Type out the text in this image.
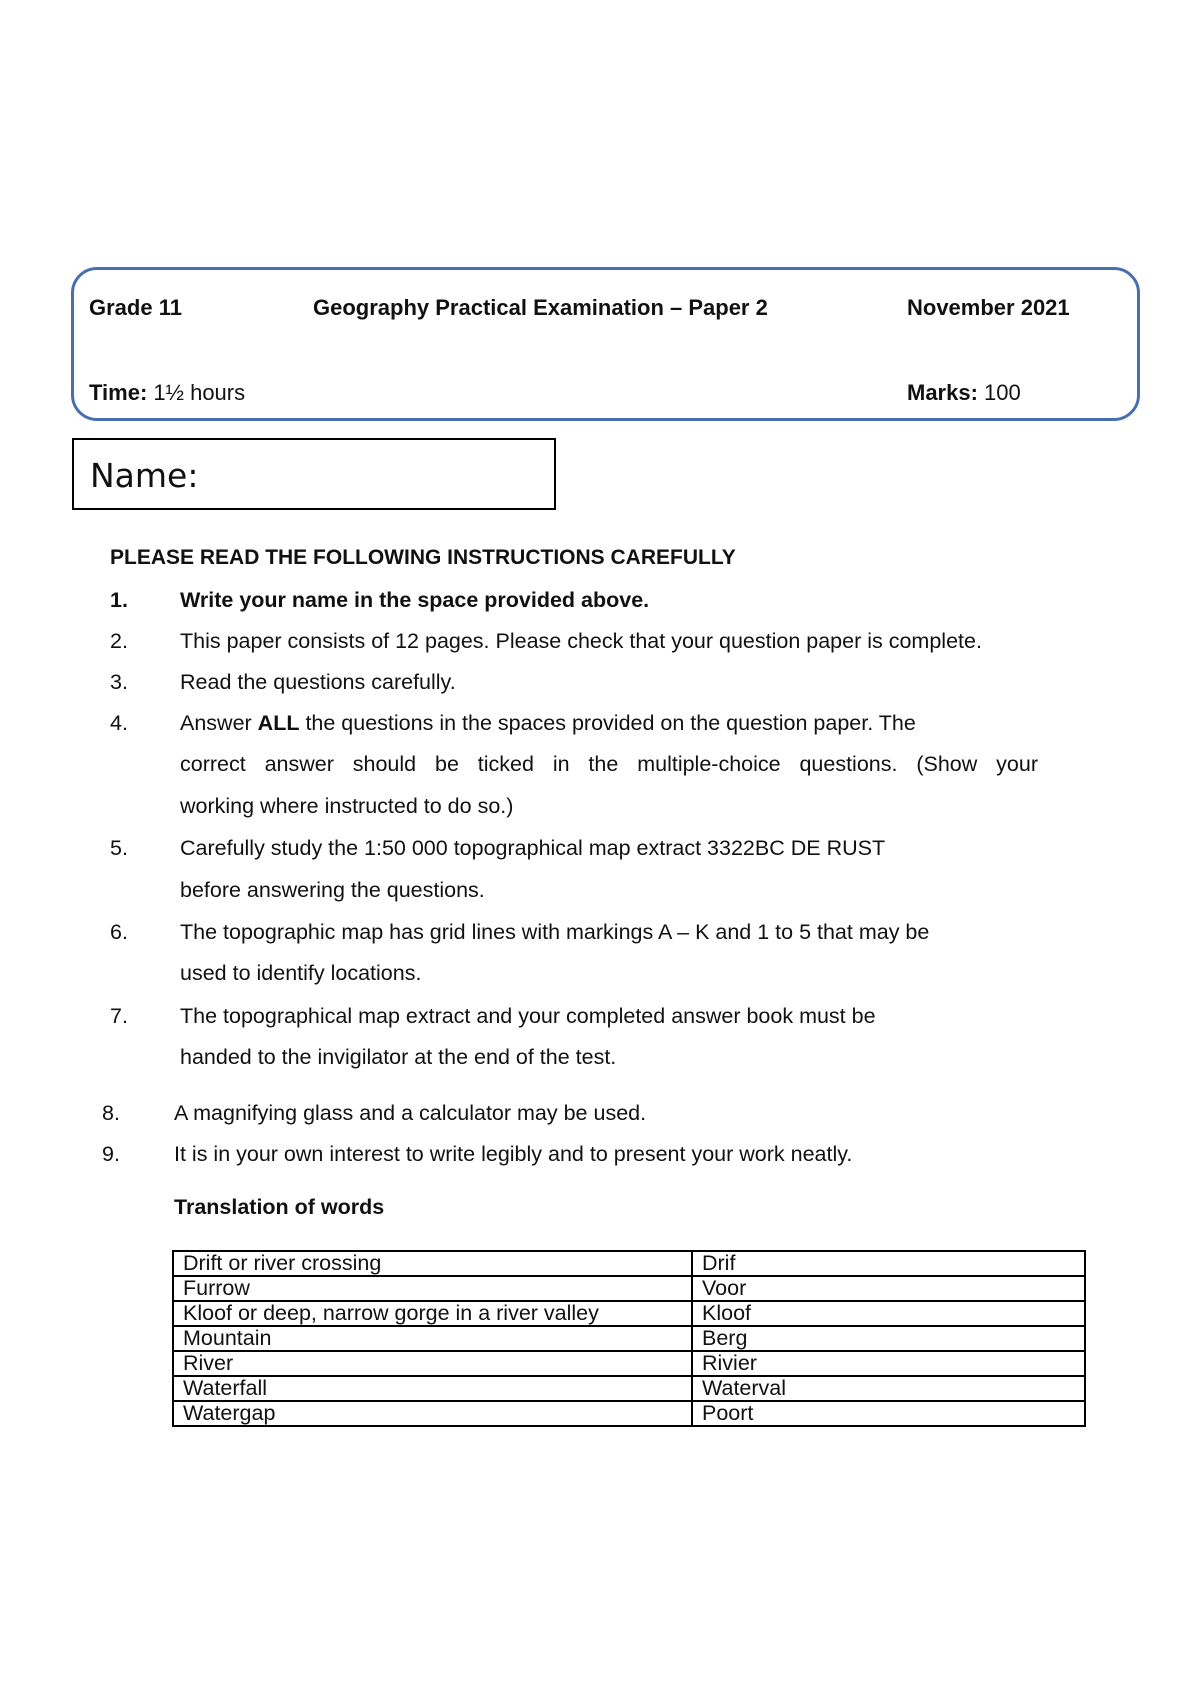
Grade 11	Geography Practical Examination – Paper 2	November 2021
Time: 1½ hours	Marks: 100
Name:
PLEASE READ THE FOLLOWING INSTRUCTIONS CAREFULLY
1. Write your name in the space provided above.
2. This paper consists of 12 pages. Please check that your question paper is complete.
3. Read the questions carefully.
4. Answer ALL the questions in the spaces provided on the question paper. The
correct answer should be ticked in the multiple-choice questions. (Show your
working where instructed to do so.)
5. Carefully study the 1:50 000 topographical map extract 3322BC DE RUST
before answering the questions.
6. The topographic map has grid lines with markings A – K and 1 to 5 that may be
used to identify locations.
7. The topographical map extract and your completed answer book must be
handed to the invigilator at the end of the test.
8.	A magnifying glass and a calculator may be used.
9.	It is in your own interest to write legibly and to present your work neatly.
Translation of words
Drift or river crossing	Drif
Furrow	Voor
Kloof or deep, narrow gorge in a river valley	Kloof
Mountain	Berg
River	Rivier
Waterfall	Waterval
Watergap	Poort
